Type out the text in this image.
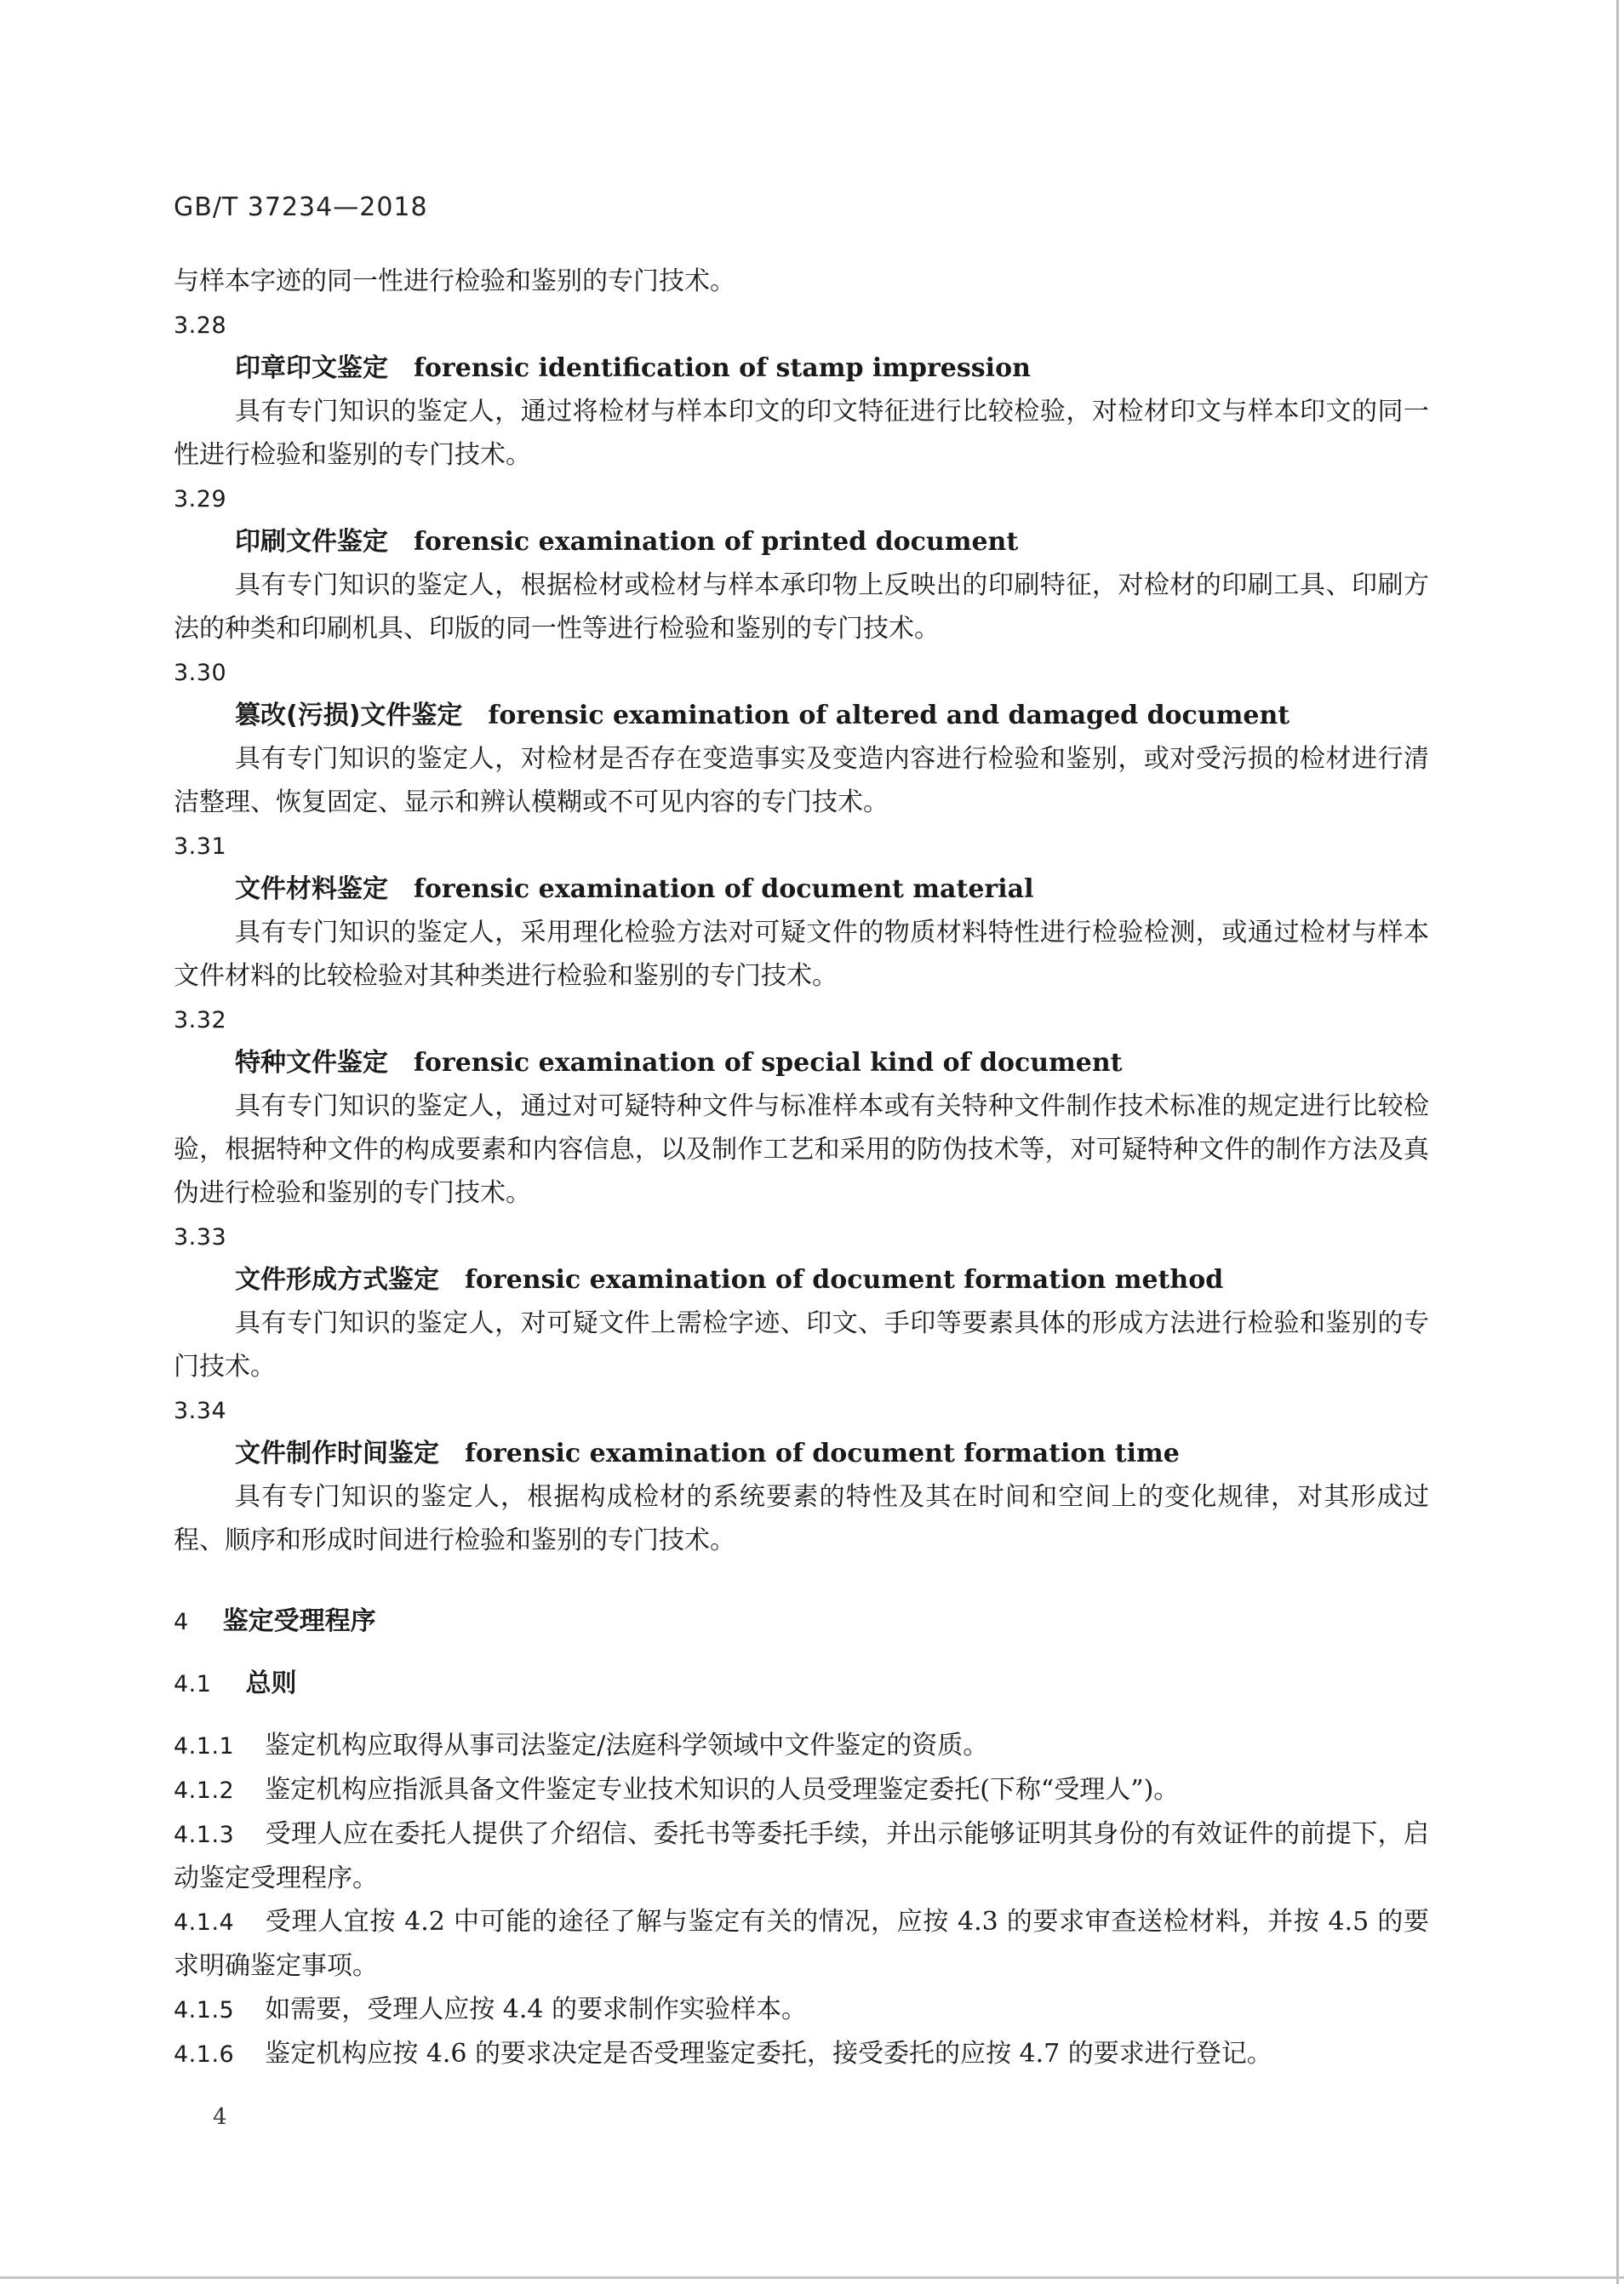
GB/T 37234—2018
与样本字迹的同一性进行检验和鉴别的专门技术。
3.28
印章印文鉴定 forensic identification of stamp impression
具有专门知识的鉴定人，通过将检材与样本印文的印文特征进行比较检验，对检材印文与样本印文的同一性进行检验和鉴别的专门技术。
3.29
印刷文件鉴定 forensic examination of printed document
具有专门知识的鉴定人，根据检材或检材与样本承印物上反映出的印刷特征，对检材的印刷工具、印刷方法的种类和印刷机具、印版的同一性等进行检验和鉴别的专门技术。
3.30
篡改(污损)文件鉴定 forensic examination of altered and damaged document
具有专门知识的鉴定人，对检材是否存在变造事实及变造内容进行检验和鉴别，或对受污损的检材进行清洁整理、恢复固定、显示和辨认模糊或不可见内容的专门技术。
3.31
文件材料鉴定 forensic examination of document material
具有专门知识的鉴定人，采用理化检验方法对可疑文件的物质材料特性进行检验检测，或通过检材与样本文件材料的比较检验对其种类进行检验和鉴别的专门技术。
3.32
特种文件鉴定 forensic examination of special kind of document
具有专门知识的鉴定人，通过对可疑特种文件与标准样本或有关特种文件制作技术标准的规定进行比较检验，根据特种文件的构成要素和内容信息，以及制作工艺和采用的防伪技术等，对可疑特种文件的制作方法及真伪进行检验和鉴别的专门技术。
3.33
文件形成方式鉴定 forensic examination of document formation method
具有专门知识的鉴定人，对可疑文件上需检字迹、印文、手印等要素具体的形成方法进行检验和鉴别的专门技术。
3.34
文件制作时间鉴定 forensic examination of document formation time
具有专门知识的鉴定人，根据构成检材的系统要素的特性及其在时间和空间上的变化规律，对其形成过程、顺序和形成时间进行检验和鉴别的专门技术。
4 鉴定受理程序
4.1 总则
4.1.1 鉴定机构应取得从事司法鉴定/法庭科学领域中文件鉴定的资质。
4.1.2 鉴定机构应指派具备文件鉴定专业技术知识的人员受理鉴定委托(下称“受理人”)。
4.1.3 受理人应在委托人提供了介绍信、委托书等委托手续，并出示能够证明其身份的有效证件的前提下，启动鉴定受理程序。
4.1.4 受理人宜按 4.2 中可能的途径了解与鉴定有关的情况，应按 4.3 的要求审查送检材料，并按 4.5 的要求明确鉴定事项。
4.1.5 如需要，受理人应按 4.4 的要求制作实验样本。
4.1.6 鉴定机构应按 4.6 的要求决定是否受理鉴定委托，接受委托的应按 4.7 的要求进行登记。
4
